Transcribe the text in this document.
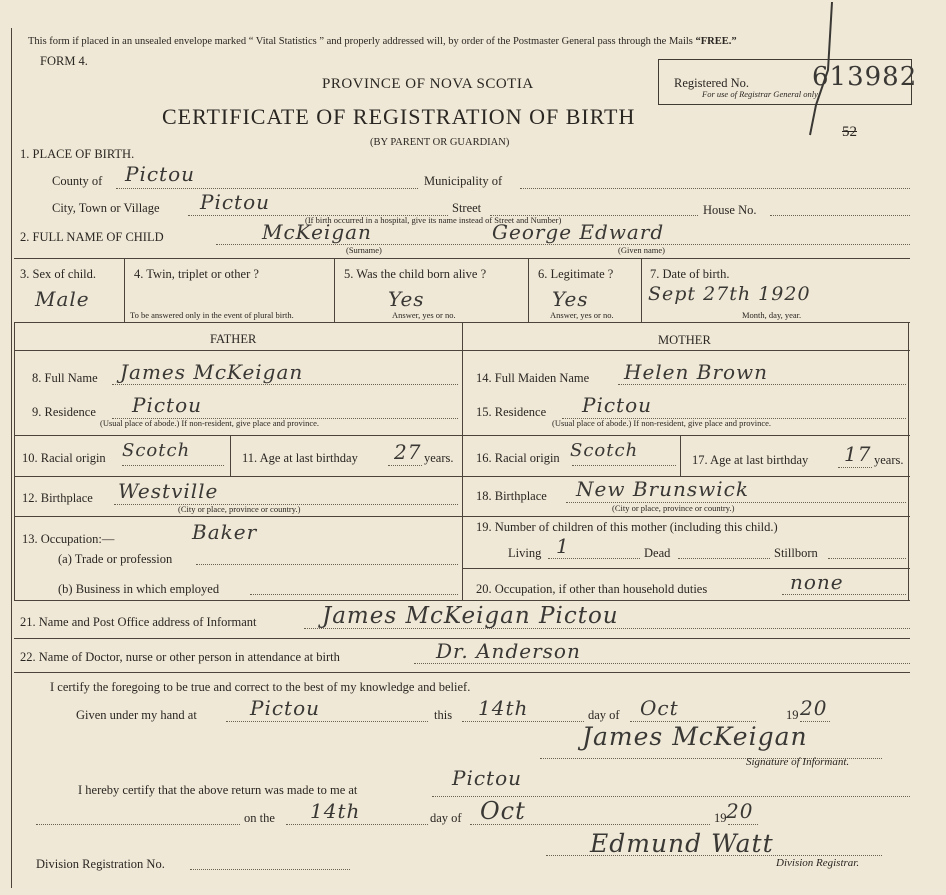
This form if placed in an unsealed envelope marked “ Vital Statistics ” and properly addressed will, by order of the Postmaster General pass through the Mails “FREE.”
FORM 4.
PROVINCE OF NOVA SCOTIA
CERTIFICATE OF REGISTRATION OF BIRTH
(BY PARENT OR GUARDIAN)
Registered No. 613982
For use of Registrar General only.
52
1. PLACE OF BIRTH.
County of Pictou	Municipality of
City, Town or Village Pictou	Street	House No.
(If birth occurred in a hospital, give its name instead of Street and Number)
2. FULL NAME OF CHILD	McKeigan
(Surname)
George Edward
(Given name)
3. Sex of child.
Male
4. Twin, triplet or other ?
To be answered only in the event of plural birth.
5. Was the child born alive ?
Yes
Answer, yes or no.
6. Legitimate ?
Yes
Answer, yes or no.
7. Date of birth.
Sept 27th 1920
Month, day, year.
FATHER	MOTHER
8. Full Name James McKeigan
9. Residence Pictou
(Usual place of abode.) If non-resident, give place and province.
10. Racial origin Scotch	11. Age at last birthday 27 years.
12. Birthplace Westville
(City or place, province or country.)
13. Occupation:—	Baker
(a) Trade or profession
(b) Business in which employed
14. Full Maiden Name Helen Brown
15. Residence Pictou
(Usual place of abode.) If non-resident, give place and province.
16. Racial origin Scotch	17. Age at last birthday 17 years.
18. Birthplace New Brunswick
(City or place, province or country.)
19. Number of children of this mother (including this child.)
Living 1	Dead	Stillborn
20. Occupation, if other than household duties	none
21. Name and Post Office address of Informant	James McKeigan Pictou
22. Name of Doctor, nurse or other person in attendance at birth	Dr. Anderson
I certify the foregoing to be true and correct to the best of my knowledge and belief.
Given under my hand at	Pictou	this 14th	day of Oct	19 20
James McKeigan
Signature of Informant.
I hereby certify that the above return was made to me at	Pictou
on the 14th	day of Oct	19 20
Division Registration No.
Edmund Watt
Division Registrar.
